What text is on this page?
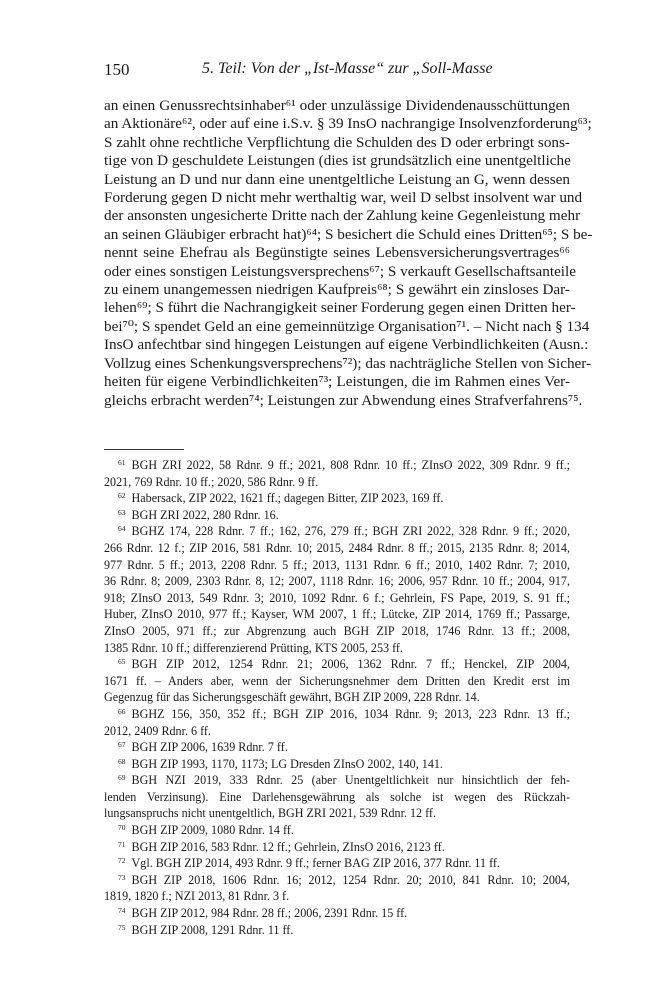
150	5. Teil: Von der „Ist-Masse“ zur „Soll-Masse
an einen Genussrechtsinhaber⁶¹ oder unzulässige Dividendenausschüttungen
an Aktionäre⁶², oder auf eine i.S.v. § 39 InsO nachrangige Insolvenzforderung⁶³;
S zahlt ohne rechtliche Verpflichtung die Schulden des D oder erbringt sons-
tige von D geschuldete Leistungen (dies ist grundsätzlich eine unentgeltliche
Leistung an D und nur dann eine unentgeltliche Leistung an G, wenn dessen
Forderung gegen D nicht mehr werthaltig war, weil D selbst insolvent war und
der ansonsten ungesicherte Dritte nach der Zahlung keine Gegenleistung mehr
an seinen Gläubiger erbracht hat)⁶⁴; S besichert die Schuld eines Dritten⁶⁵; S be-
nennt seine Ehefrau als Begünstigte seines Lebensversicherungsvertrages⁶⁶
oder eines sonstigen Leistungsversprechens⁶⁷; S verkauft Gesellschaftsanteile
zu einem unangemessen niedrigen Kaufpreis⁶⁸; S gewährt ein zinsloses Dar-
lehen⁶⁹; S führt die Nachrangigkeit seiner Forderung gegen einen Dritten her-
bei⁷⁰; S spendet Geld an eine gemeinnützige Organisation⁷¹. – Nicht nach § 134
InsO anfechtbar sind hingegen Leistungen auf eigene Verbindlichkeiten (Ausn.:
Vollzug eines Schenkungsversprechens⁷²); das nachträgliche Stellen von Sicher-
heiten für eigene Verbindlichkeiten⁷³; Leistungen, die im Rahmen eines Ver-
gleichs erbracht werden⁷⁴; Leistungen zur Abwendung eines Strafverfahrens⁷⁵.
$^{61}$  BGH ZRI 2022, 58 Rdnr. 9 ff.; 2021, 808 Rdnr. 10 ff.; ZInsO 2022, 309 Rdnr. 9 ff.;
2021, 769 Rdnr. 10 ff.; 2020, 586 Rdnr. 9 ff.
$^{62}$  Habersack, ZIP 2022, 1621 ff.; dagegen Bitter, ZIP 2023, 169 ff.
$^{63}$  BGH ZRI 2022, 280 Rdnr. 16.
$^{64}$  BGHZ 174, 228 Rdnr. 7 ff.; 162, 276, 279 ff.; BGH ZRI 2022, 328 Rdnr. 9 ff.; 2020,
266 Rdnr. 12 f.; ZIP 2016, 581 Rdnr. 10; 2015, 2484 Rdnr. 8 ff.; 2015, 2135 Rdnr. 8; 2014,
977 Rdnr. 5 ff.; 2013, 2208 Rdnr. 5 ff.; 2013, 1131 Rdnr. 6 ff.; 2010, 1402 Rdnr. 7; 2010,
36 Rdnr. 8; 2009, 2303 Rdnr. 8, 12; 2007, 1118 Rdnr. 16; 2006, 957 Rdnr. 10 ff.; 2004, 917,
918; ZInsO 2013, 549 Rdnr. 3; 2010, 1092 Rdnr. 6 f.; Gehrlein, FS Pape, 2019, S. 91 ff.;
Huber, ZInsO 2010, 977 ff.; Kayser, WM 2007, 1 ff.; Lütcke, ZIP 2014, 1769 ff.; Passarge,
ZInsO 2005, 971 ff.; zur Abgrenzung auch BGH ZIP 2018, 1746 Rdnr. 13 ff.; 2008,
1385 Rdnr. 10 ff.; differenzierend Prütting, KTS 2005, 253 ff.
$^{65}$  BGH ZIP 2012, 1254 Rdnr. 21; 2006, 1362 Rdnr. 7 ff.; Henckel, ZIP 2004,
1671 ff. – Anders aber, wenn der Sicherungsnehmer dem Dritten den Kredit erst im
Gegenzug für das Sicherungsgeschäft gewährt, BGH ZIP 2009, 228 Rdnr. 14.
$^{66}$  BGHZ 156, 350, 352 ff.; BGH ZIP 2016, 1034 Rdnr. 9; 2013, 223 Rdnr. 13 ff.;
2012, 2409 Rdnr. 6 ff.
$^{67}$  BGH ZIP 2006, 1639 Rdnr. 7 ff.
$^{68}$  BGH ZIP 1993, 1170, 1173; LG Dresden ZInsO 2002, 140, 141.
$^{69}$  BGH NZI 2019, 333 Rdnr. 25 (aber Unentgeltlichkeit nur hinsichtlich der feh-
lenden Verzinsung). Eine Darlehensgewährung als solche ist wegen des Rückzah-
lungsanspruchs nicht unentgeltlich, BGH ZRI 2021, 539 Rdnr. 12 ff.
$^{70}$  BGH ZIP 2009, 1080 Rdnr. 14 ff.
$^{71}$  BGH ZIP 2016, 583 Rdnr. 12 ff.; Gehrlein, ZInsO 2016, 2123 ff.
$^{72}$  Vgl. BGH ZIP 2014, 493 Rdnr. 9 ff.; ferner BAG ZIP 2016, 377 Rdnr. 11 ff.
$^{73}$  BGH ZIP 2018, 1606 Rdnr. 16; 2012, 1254 Rdnr. 20; 2010, 841 Rdnr. 10; 2004,
1819, 1820 f.; NZI 2013, 81 Rdnr. 3 f.
$^{74}$  BGH ZIP 2012, 984 Rdnr. 28 ff.; 2006, 2391 Rdnr. 15 ff.
$^{75}$  BGH ZIP 2008, 1291 Rdnr. 11 ff.
